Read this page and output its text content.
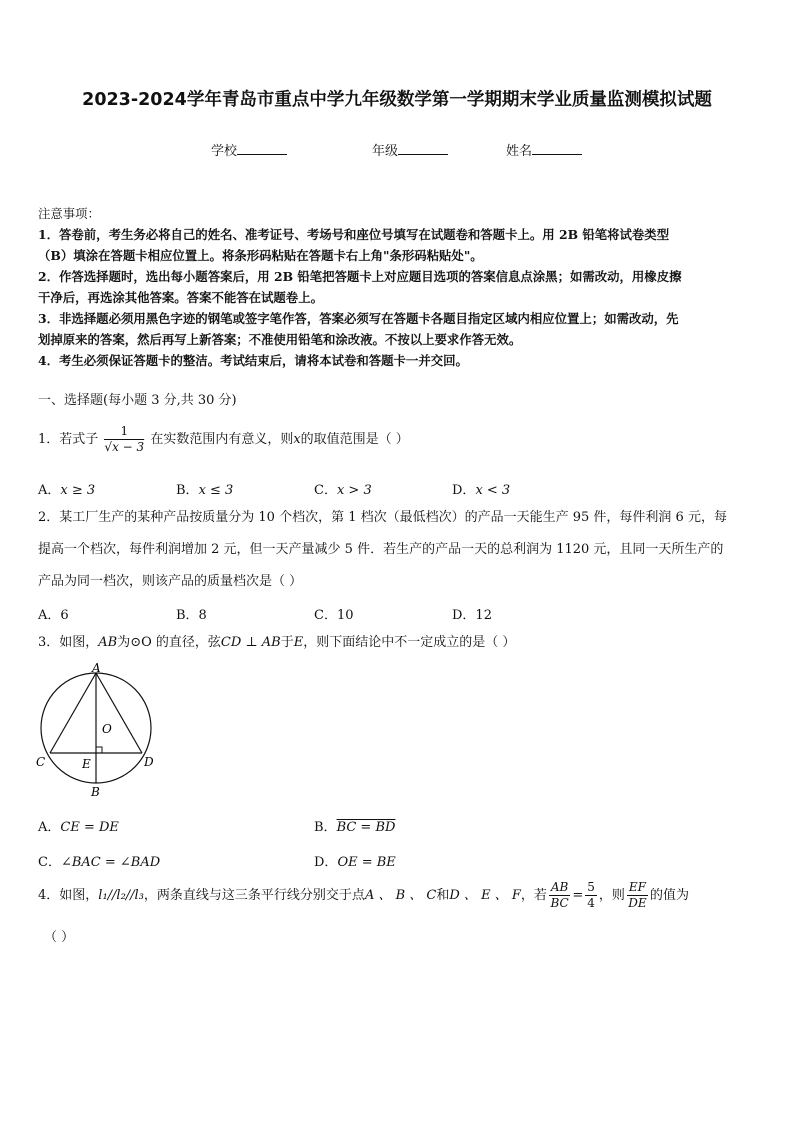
2023-2024学年青岛市重点中学九年级数学第一学期期末学业质量监测模拟试题
学校	年级	姓名

注意事项：

1．答卷前，考生务必将自己的姓名、准考证号、考场号和座位号填写在试题卷和答题卡上。用 2B 铅笔将试卷类型

（B）填涂在答题卡相应位置上。将条形码粘贴在答题卡右上角"条形码粘贴处"。

2．作答选择题时，选出每小题答案后，用 2B 铅笔把答题卡上对应题目选项的答案信息点涂黑；如需改动，用橡皮擦

干净后，再选涂其他答案。答案不能答在试题卷上。

3．非选择题必须用黑色字迹的钢笔或签字笔作答，答案必须写在答题卡各题目指定区域内相应位置上；如需改动，先

划掉原来的答案，然后再写上新答案；不准使用铅笔和涂改液。不按以上要求作答无效。

4．考生必须保证答题卡的整洁。考试结束后，请将本试卷和答题卡一并交回。

一、选择题(每小题 3 分,共 30 分)
1．若式子 $\frac{1}{√x - 3}$ 在实数范围内有意义，则x的取值范围是（ ）
A．x ≥ 3	B．x ≤ 3	C．x > 3	D．x < 3
2．某工厂生产的某种产品按质量分为 10 个档次，第 1 档次（最低档次）的产品一天能生产 95 件，每件利润 6 元，每
提高一个档次，每件利润增加 2 元，但一天产量减少 5 件．若生产的产品一天的总利润为 1120 元，且同一天所生产的
产品为同一档次，则该产品的质量档次是（ ）
A．6	B．8	C．10	D．12
3．如图，AB为⊙O 的直径，弦CD ⊥ AB于E，则下面结论中不一定成立的是（ ）
A
O
C	E	D
B
A．CE = DE	B．BC = BD
C．∠BAC = ∠BAD	D．OE = BE
4．如图，l₁//l₂//l₃，两条直线与这三条平行线分别交于点A 、 B 、 C和D 、 E 、 F，若 $\frac{AB}{BC} = \frac{5}{4}$ ，则 $\frac{EF}{DE}$ 的值为
（ ）
